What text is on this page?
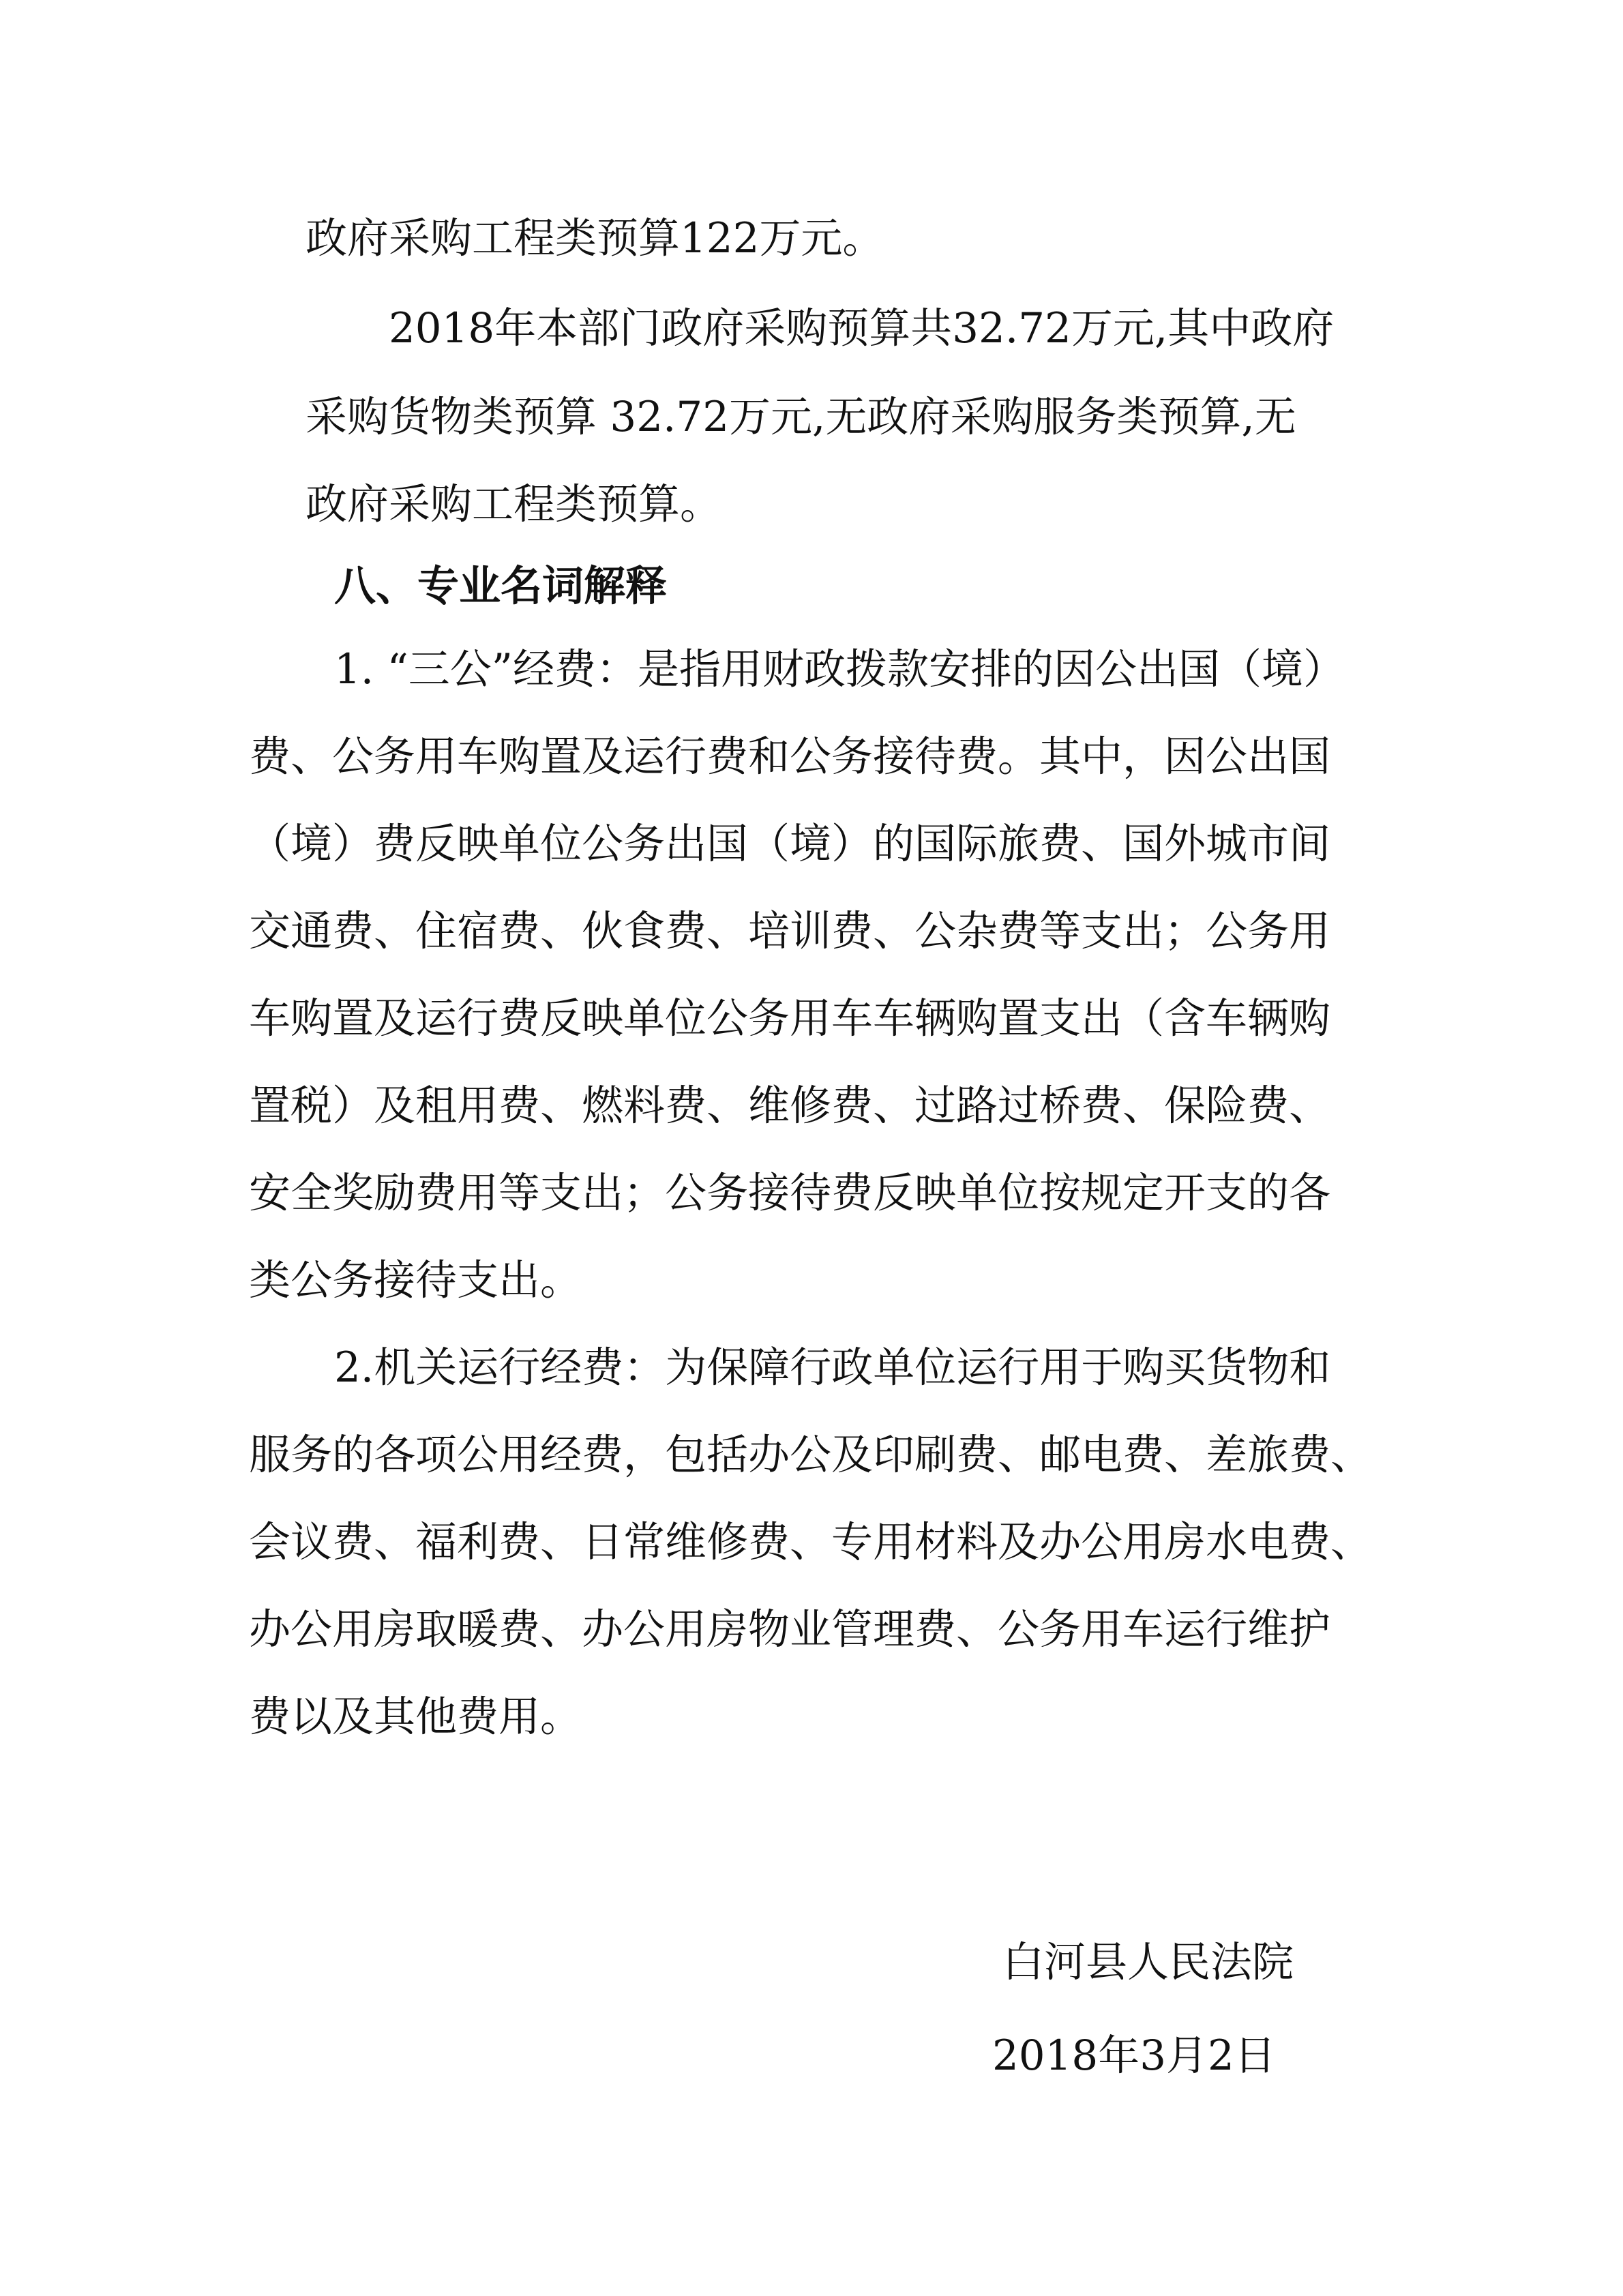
政府采购工程类预算122万元。

2018年本部门政府采购预算共32.72万元,其中政府

采购货物类预算 32.72万元,无政府采购服务类预算,无

政府采购工程类预算。

八、专业名词解释

1. “三公”经费：是指用财政拨款安排的因公出国（境）

费、公务用车购置及运行费和公务接待费。其中，因公出国

（境）费反映单位公务出国（境）的国际旅费、国外城市间

交通费、住宿费、伙食费、培训费、公杂费等支出；公务用

车购置及运行费反映单位公务用车车辆购置支出（含车辆购

置税）及租用费、燃料费、维修费、过路过桥费、保险费、

安全奖励费用等支出；公务接待费反映单位按规定开支的各

类公务接待支出。

2.机关运行经费：为保障行政单位运行用于购买货物和

服务的各项公用经费，包括办公及印刷费、邮电费、差旅费、

会议费、福利费、日常维修费、专用材料及办公用房水电费、

办公用房取暖费、办公用房物业管理费、公务用车运行维护

费以及其他费用。

白河县人民法院

2018年3月2日
